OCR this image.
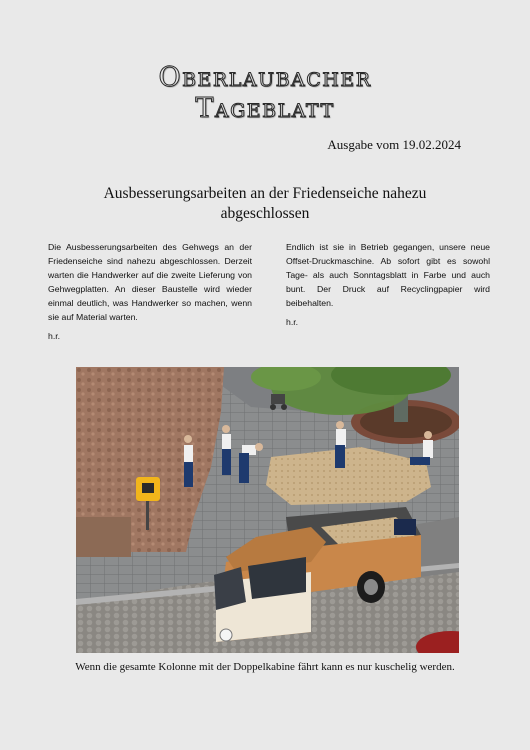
Oberlaubacher
Tageblatt
Ausgabe vom 19.02.2024
Ausbesserungsarbeiten an der Friedenseiche nahezu abgeschlossen

Die Ausbesserungsarbeiten des Gehwegs an der Friedenseiche sind nahezu abgeschlossen. Derzeit warten die Handwerker auf die zweite Lieferung von Gehwegplatten. An dieser Baustelle wird wieder einmal deutlich, was Handwerker so machen, wenn sie auf Material warten.

h.r.

Endlich ist sie in Betrieb gegangen, unsere neue Offset-Druckmaschine. Ab sofort gibt es sowohl Tage- als auch Sonntagsblatt in Farbe und auch bunt. Der Druck auf Recyclingpapier wird beibehalten.

h.r.

Wenn die gesamte Kolonne mit der Doppelkabine fährt kann es nur kuschelig werden.
